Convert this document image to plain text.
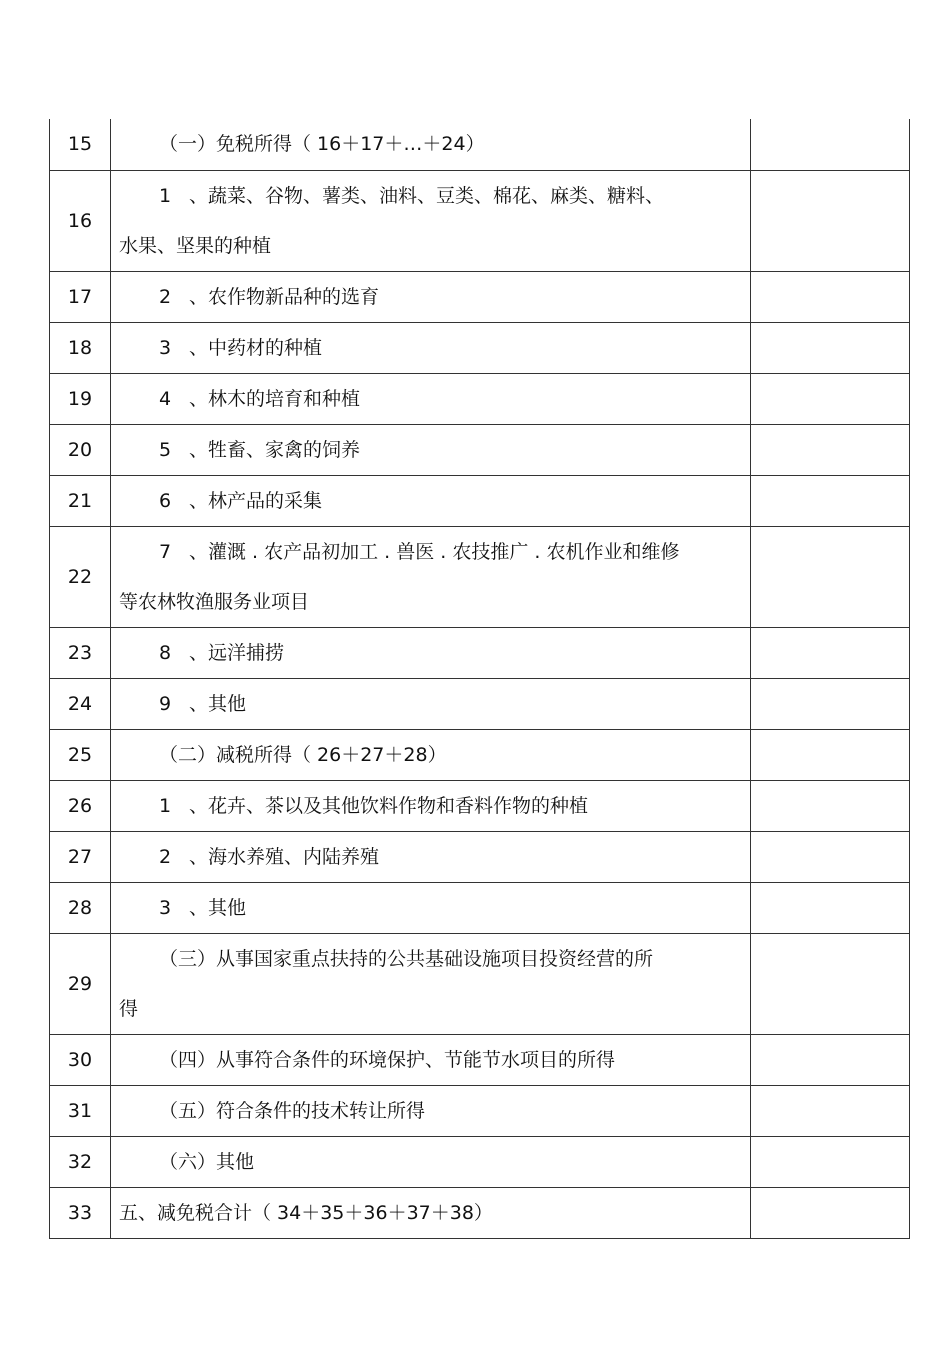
15	（一）免税所得（ 16＋17＋…＋24）	

16	1 、蔬菜、谷物、薯类、油料、豆类、棉花、麻类、糖料、
水果、坚果的种植	

17	2 、农作物新品种的选育	

18	3 、中药材的种植	

19	4 、林木的培育和种植	

20	5 、牲畜、家禽的饲养	

21	6 、林产品的采集	

22	7 、灌溉 . 农产品初加工 . 兽医 . 农技推广 . 农机作业和维修
等农林牧渔服务业项目	

23	8 、远洋捕捞	

24	9 、其他	

25	（二）减税所得（ 26＋27＋28）	

26	1 、花卉、茶以及其他饮料作物和香料作物的种植	

27	2 、海水养殖、内陆养殖	

28	3 、其他	

29	（三）从事国家重点扶持的公共基础设施项目投资经营的所
得	

30	（四）从事符合条件的环境保护、节能节水项目的所得	

31	（五）符合条件的技术转让所得	

32	（六）其他	

33	五、减免税合计（ 34＋35＋36＋37＋38）	
